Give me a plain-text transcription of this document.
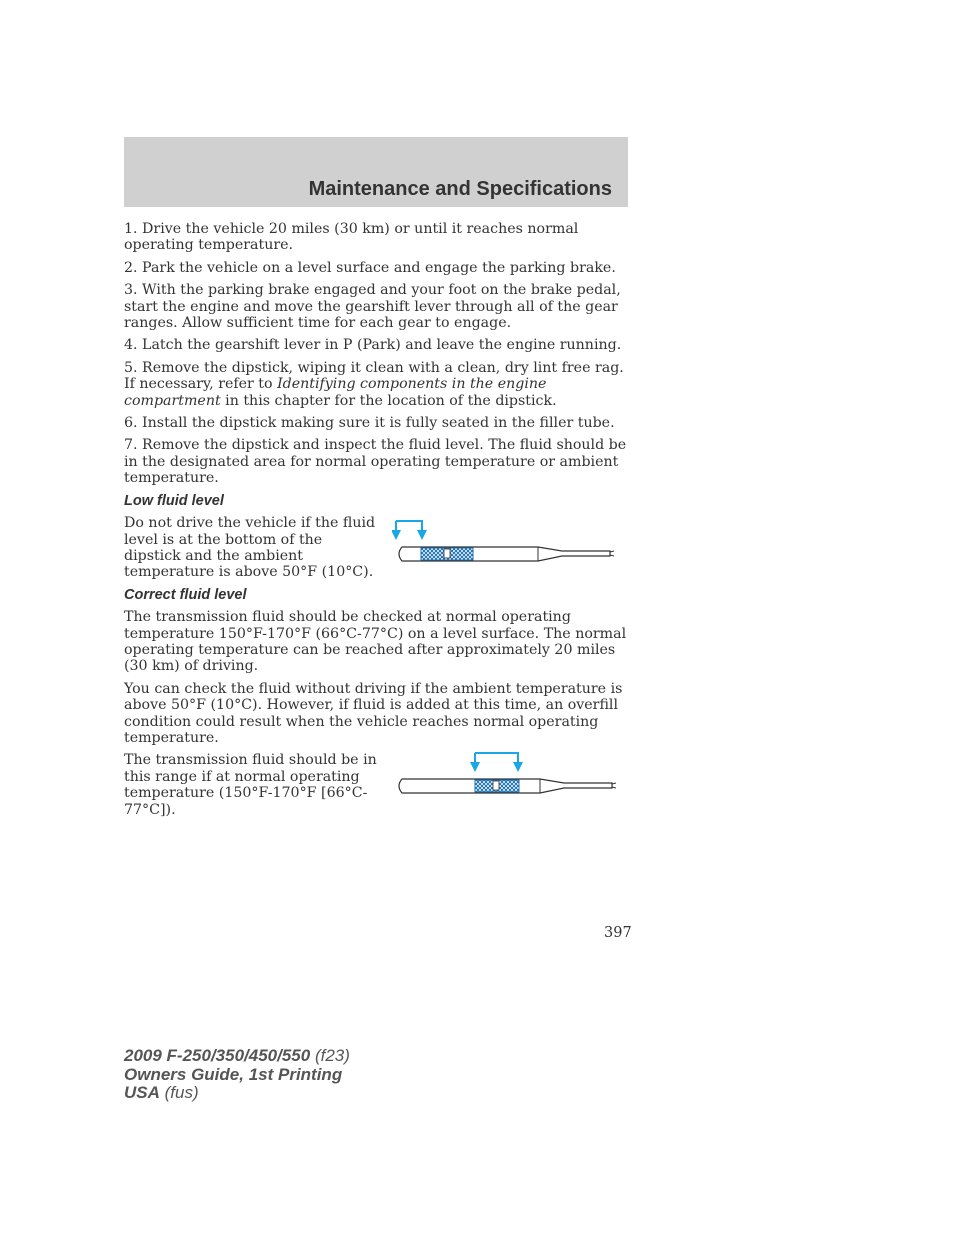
Maintenance and Specifications

1. Drive the vehicle 20 miles (30 km) or until it reaches normal operating temperature.

2. Park the vehicle on a level surface and engage the parking brake.

3. With the parking brake engaged and your foot on the brake pedal, start the engine and move the gearshift lever through all of the gear ranges. Allow sufficient time for each gear to engage.

4. Latch the gearshift lever in P (Park) and leave the engine running.

5. Remove the dipstick, wiping it clean with a clean, dry lint free rag. If necessary, refer to Identifying components in the engine compartment in this chapter for the location of the dipstick.

6. Install the dipstick making sure it is fully seated in the filler tube.

7. Remove the dipstick and inspect the fluid level. The fluid should be in the designated area for normal operating temperature or ambient temperature.

Low fluid level

Do not drive the vehicle if the fluid level is at the bottom of the dipstick and the ambient temperature is above 50°F (10°C).

Correct fluid level

The transmission fluid should be checked at normal operating temperature 150°F-170°F (66°C-77°C) on a level surface. The normal operating temperature can be reached after approximately 20 miles (30 km) of driving.

You can check the fluid without driving if the ambient temperature is above 50°F (10°C). However, if fluid is added at this time, an overfill condition could result when the vehicle reaches normal operating temperature.

The transmission fluid should be in this range if at normal operating temperature (150°F-170°F [66°C-77°C]).

397
2009 F-250/350/450/550 (f23)
Owners Guide, 1st Printing
USA (fus)
